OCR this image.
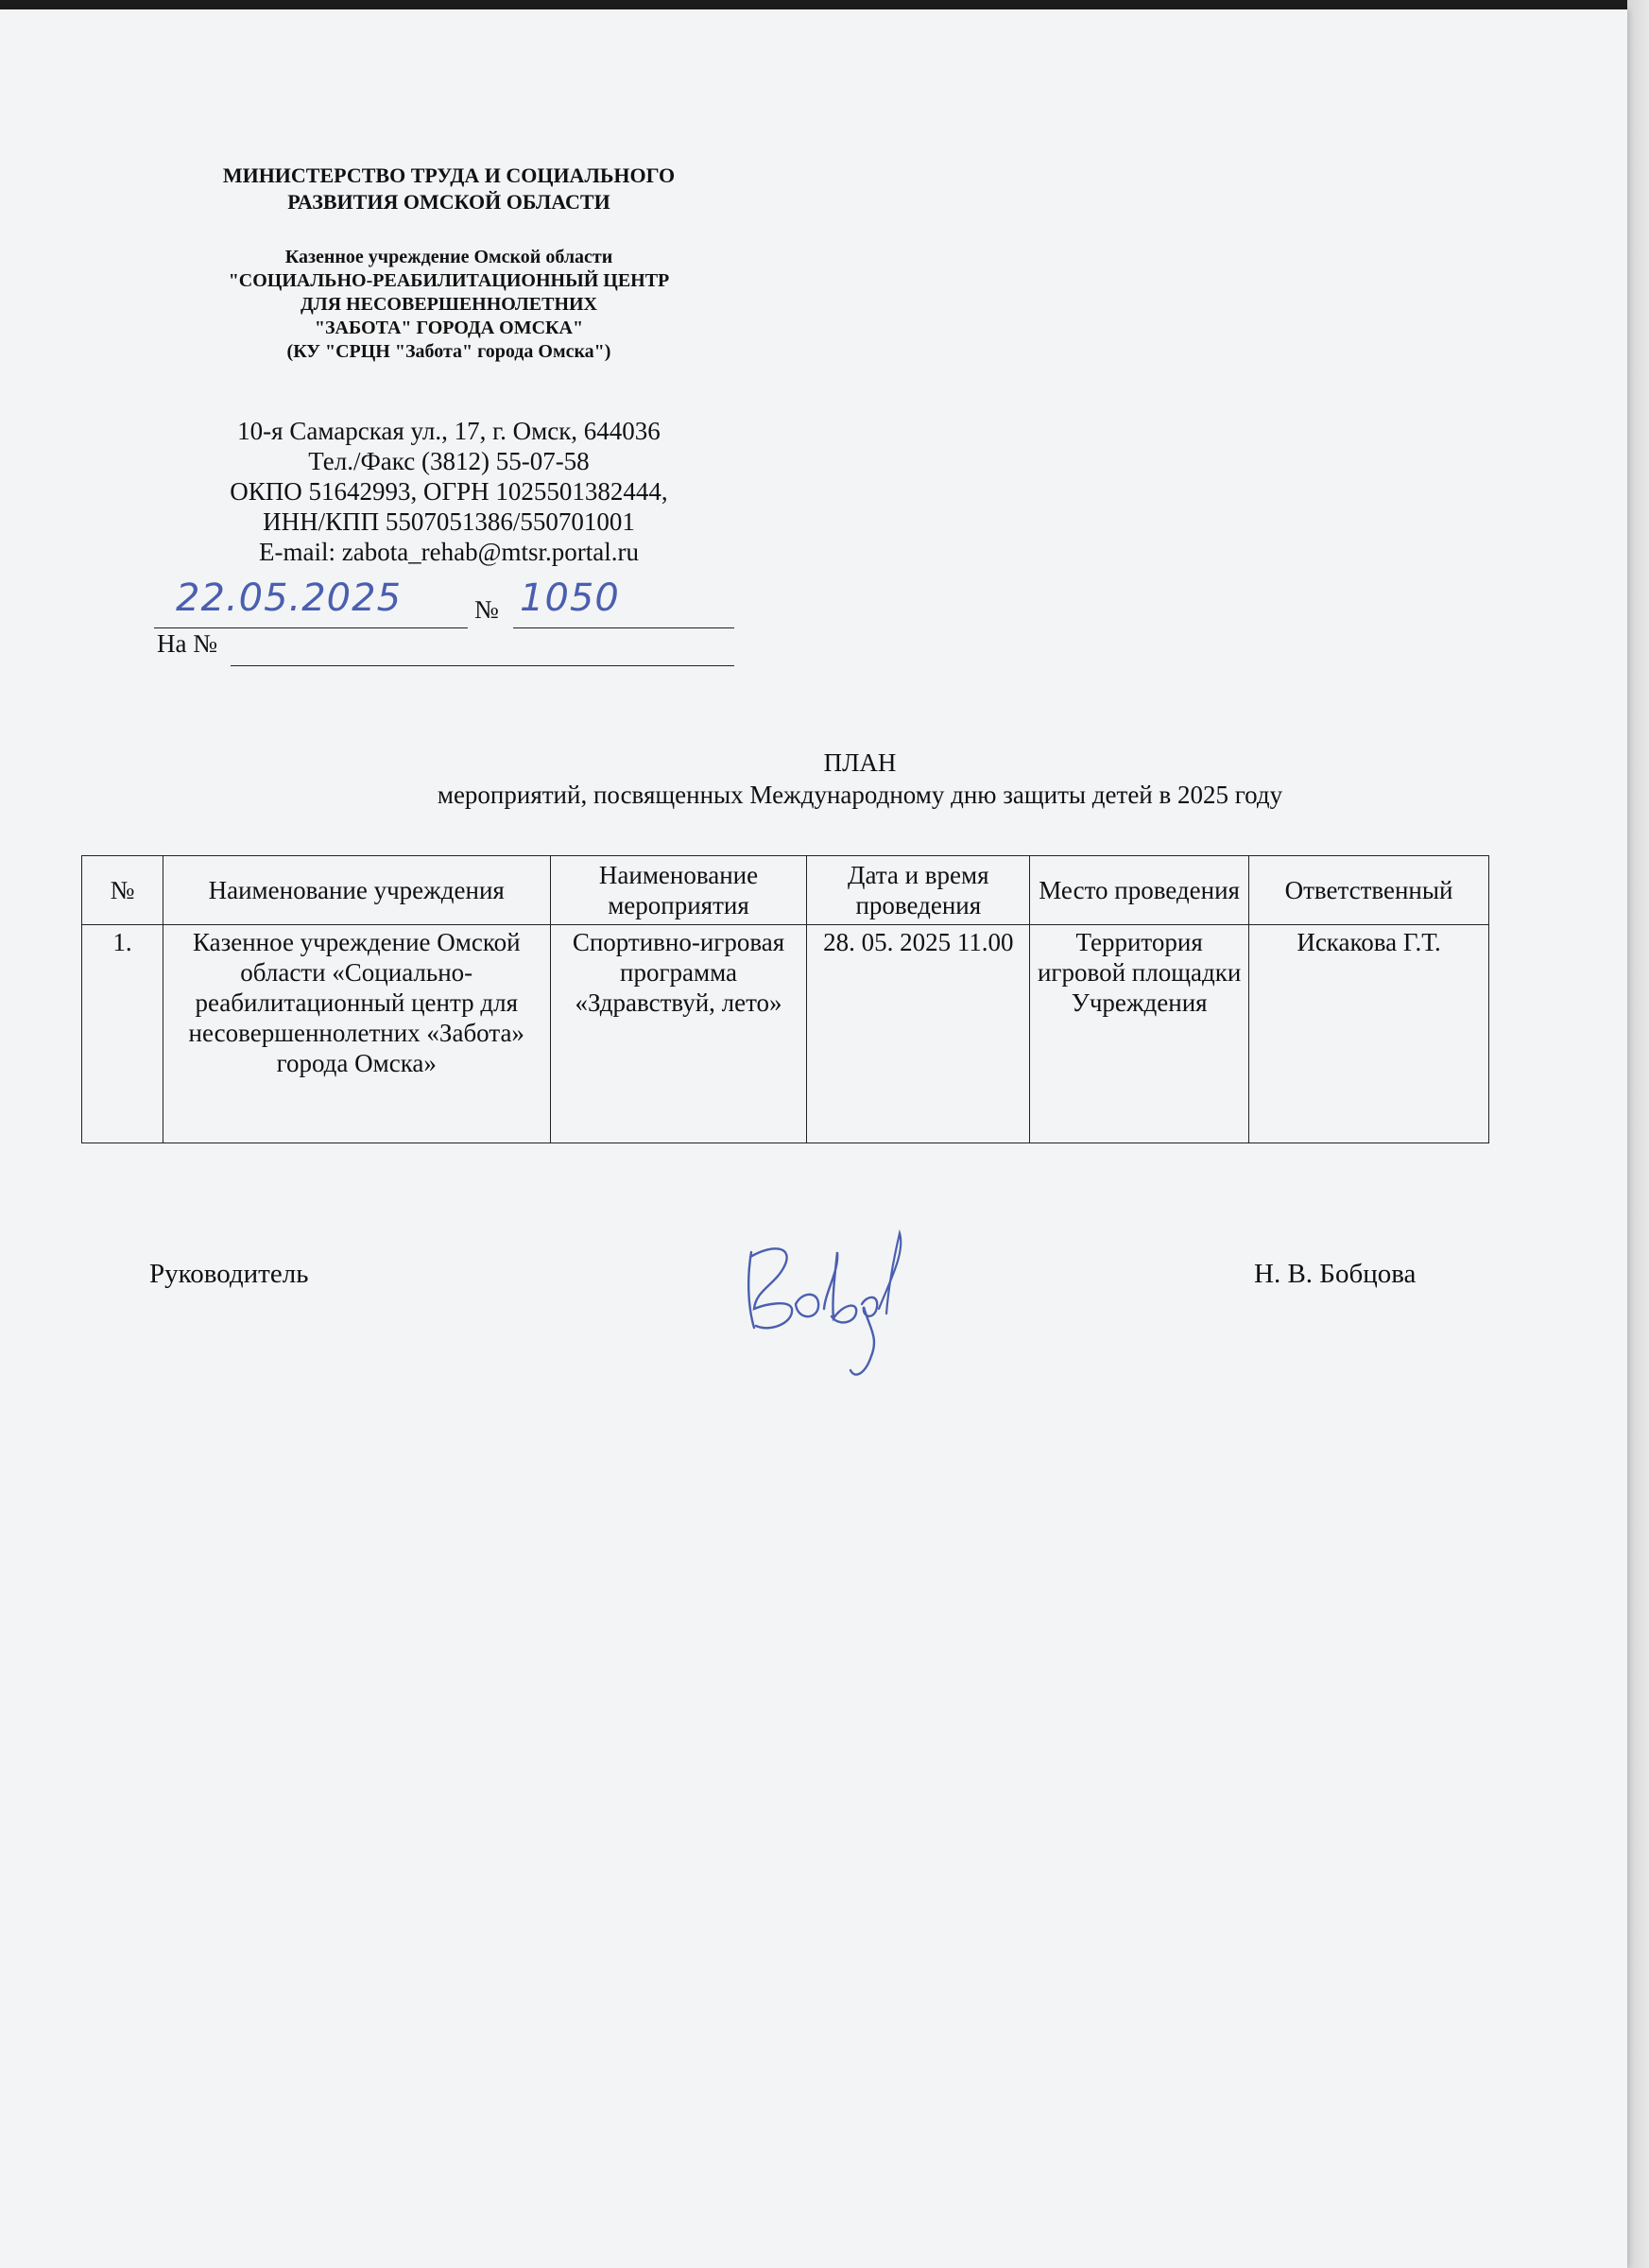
МИНИСТЕРСТВО ТРУДА И СОЦИАЛЬНОГО
РАЗВИТИЯ ОМСКОЙ ОБЛАСТИ
Казенное учреждение Омской области
"СОЦИАЛЬНО-РЕАБИЛИТАЦИОННЫЙ ЦЕНТР
ДЛЯ НЕСОВЕРШЕННОЛЕТНИХ
"ЗАБОТА" ГОРОДА ОМСКА"
(КУ "СРЦН "Забота" города Омска")
10-я Самарская ул., 17, г. Омск, 644036
Тел./Факс (3812) 55-07-58
ОКПО 51642993, ОГРН 1025501382444,
ИНН/КПП 5507051386/550701001
E-mail: zabota_rehab@mtsr.portal.ru
22.05.2025	№ 1050
На №
ПЛАН
мероприятий, посвященных Международному дню защиты детей в 2025 году
№	Наименование учреждения	Наименование мероприятия	Дата и время проведения	Место проведения	Ответственный
1.	Казенное учреждение Омской области «Социально-реабилитационный центр для несовершеннолетних «Забота» города Омска»	Спортивно-игровая программа «Здравствуй, лето»	28. 05. 2025 11.00	Территория игровой площадки Учреждения	Искакова Г.Т.
Руководитель	Н. В. Бобцова
